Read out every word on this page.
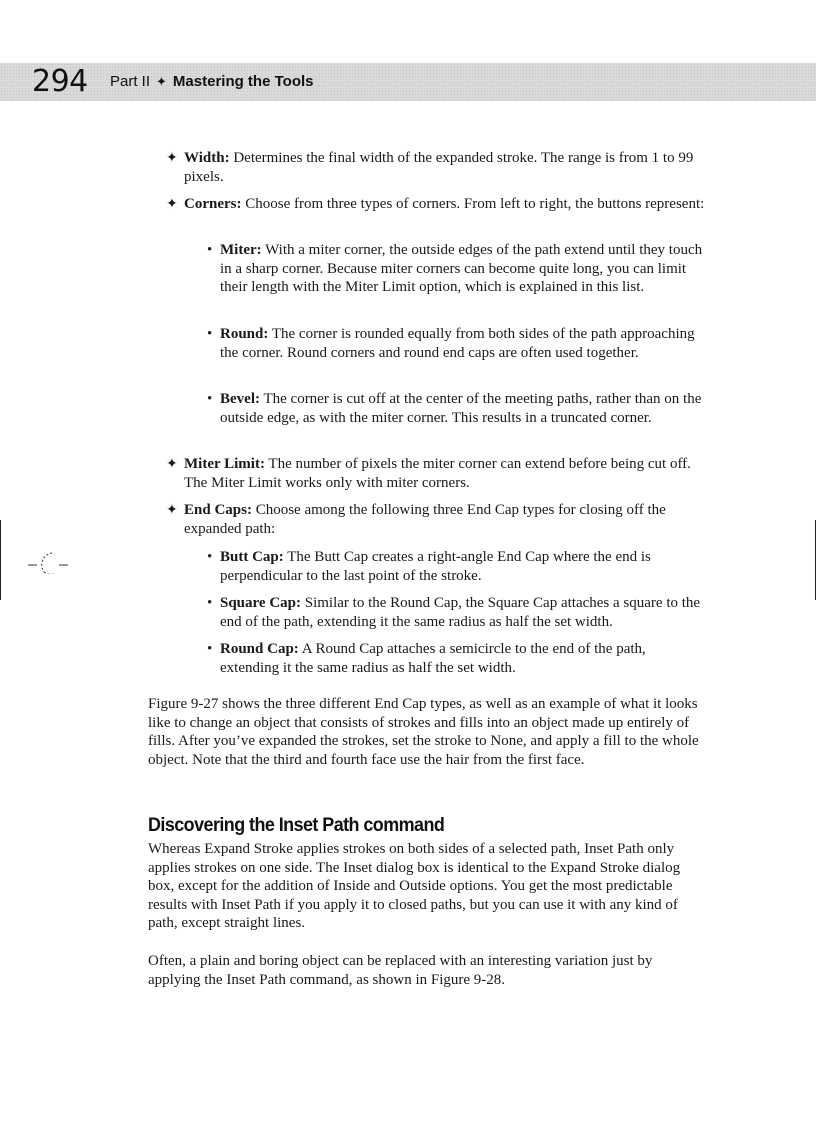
294 Part II ✦ Mastering the Tools
✦ Width: Determines the final width of the expanded stroke. The range is from 1 to 99 pixels.
✦ Corners: Choose from three types of corners. From left to right, the buttons represent:
• Miter: With a miter corner, the outside edges of the path extend until they touch in a sharp corner. Because miter corners can become quite long, you can limit their length with the Miter Limit option, which is explained in this list.
• Round: The corner is rounded equally from both sides of the path approaching the corner. Round corners and round end caps are often used together.
• Bevel: The corner is cut off at the center of the meeting paths, rather than on the outside edge, as with the miter corner. This results in a truncated corner.
✦ Miter Limit: The number of pixels the miter corner can extend before being cut off. The Miter Limit works only with miter corners.
✦ End Caps: Choose among the following three End Cap types for closing off the expanded path:
• Butt Cap: The Butt Cap creates a right-angle End Cap where the end is perpendicular to the last point of the stroke.
• Square Cap: Similar to the Round Cap, the Square Cap attaches a square to the end of the path, extending it the same radius as half the set width.
• Round Cap: A Round Cap attaches a semicircle to the end of the path, extending it the same radius as half the set width.

Figure 9-27 shows the three different End Cap types, as well as an example of what it looks like to change an object that consists of strokes and fills into an object made up entirely of fills. After you’ve expanded the strokes, set the stroke to None, and apply a fill to the whole object. Note that the third and fourth face use the hair from the first face.

Discovering the Inset Path command

Whereas Expand Stroke applies strokes on both sides of a selected path, Inset Path only applies strokes on one side. The Inset dialog box is identical to the Expand Stroke dialog box, except for the addition of Inside and Outside options. You get the most predictable results with Inset Path if you apply it to closed paths, but you can use it with any kind of path, except straight lines.

Often, a plain and boring object can be replaced with an interesting variation just by applying the Inset Path command, as shown in Figure 9-28.
